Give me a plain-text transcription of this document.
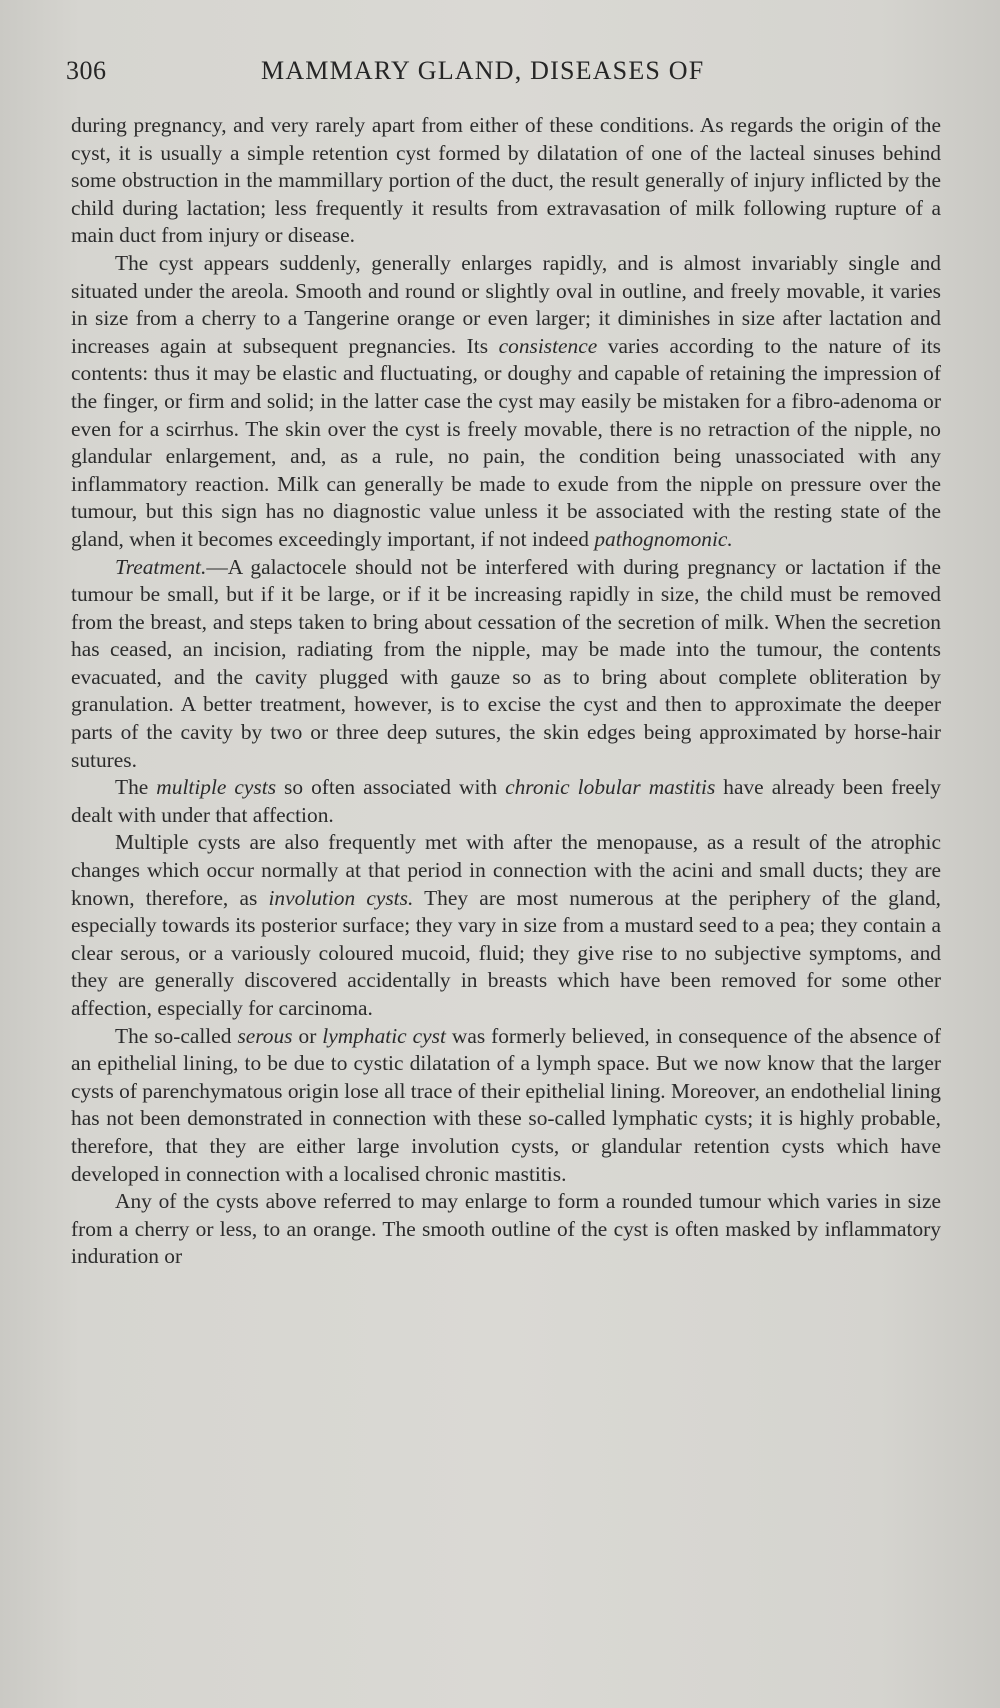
306	MAMMARY GLAND, DISEASES OF

during pregnancy, and very rarely apart from either of these conditions. As regards the origin of the cyst, it is usually a simple retention cyst formed by dilatation of one of the lacteal sinuses behind some obstruction in the mammillary portion of the duct, the result generally of injury inflicted by the child during lactation; less frequently it results from extravasation of milk following rupture of a main duct from injury or disease.

The cyst appears suddenly, generally enlarges rapidly, and is almost invariably single and situated under the areola. Smooth and round or slightly oval in outline, and freely movable, it varies in size from a cherry to a Tangerine orange or even larger; it diminishes in size after lactation and increases again at subsequent pregnancies. Its consistence varies according to the nature of its contents: thus it may be elastic and fluctuating, or doughy and capable of retaining the impression of the finger, or firm and solid; in the latter case the cyst may easily be mistaken for a fibro-adenoma or even for a scirrhus. The skin over the cyst is freely movable, there is no retraction of the nipple, no glandular enlargement, and, as a rule, no pain, the condition being unassociated with any inflammatory reaction. Milk can generally be made to exude from the nipple on pressure over the tumour, but this sign has no diagnostic value unless it be associated with the resting state of the gland, when it becomes exceedingly important, if not indeed pathognomonic.

Treatment.—A galactocele should not be interfered with during pregnancy or lactation if the tumour be small, but if it be large, or if it be increasing rapidly in size, the child must be removed from the breast, and steps taken to bring about cessation of the secretion of milk. When the secretion has ceased, an incision, radiating from the nipple, may be made into the tumour, the contents evacuated, and the cavity plugged with gauze so as to bring about complete obliteration by granulation. A better treatment, however, is to excise the cyst and then to approximate the deeper parts of the cavity by two or three deep sutures, the skin edges being approximated by horse-hair sutures.

The multiple cysts so often associated with chronic lobular mastitis have already been freely dealt with under that affection.

Multiple cysts are also frequently met with after the menopause, as a result of the atrophic changes which occur normally at that period in connection with the acini and small ducts; they are known, therefore, as involution cysts. They are most numerous at the periphery of the gland, especially towards its posterior surface; they vary in size from a mustard seed to a pea; they contain a clear serous, or a variously coloured mucoid, fluid; they give rise to no subjective symptoms, and they are generally discovered accidentally in breasts which have been removed for some other affection, especially for carcinoma.

The so-called serous or lymphatic cyst was formerly believed, in consequence of the absence of an epithelial lining, to be due to cystic dilatation of a lymph space. But we now know that the larger cysts of parenchymatous origin lose all trace of their epithelial lining. Moreover, an endothelial lining has not been demonstrated in connection with these so-called lymphatic cysts; it is highly probable, therefore, that they are either large involution cysts, or glandular retention cysts which have developed in connection with a localised chronic mastitis.

Any of the cysts above referred to may enlarge to form a rounded tumour which varies in size from a cherry or less, to an orange. The smooth outline of the cyst is often masked by inflammatory induration or
